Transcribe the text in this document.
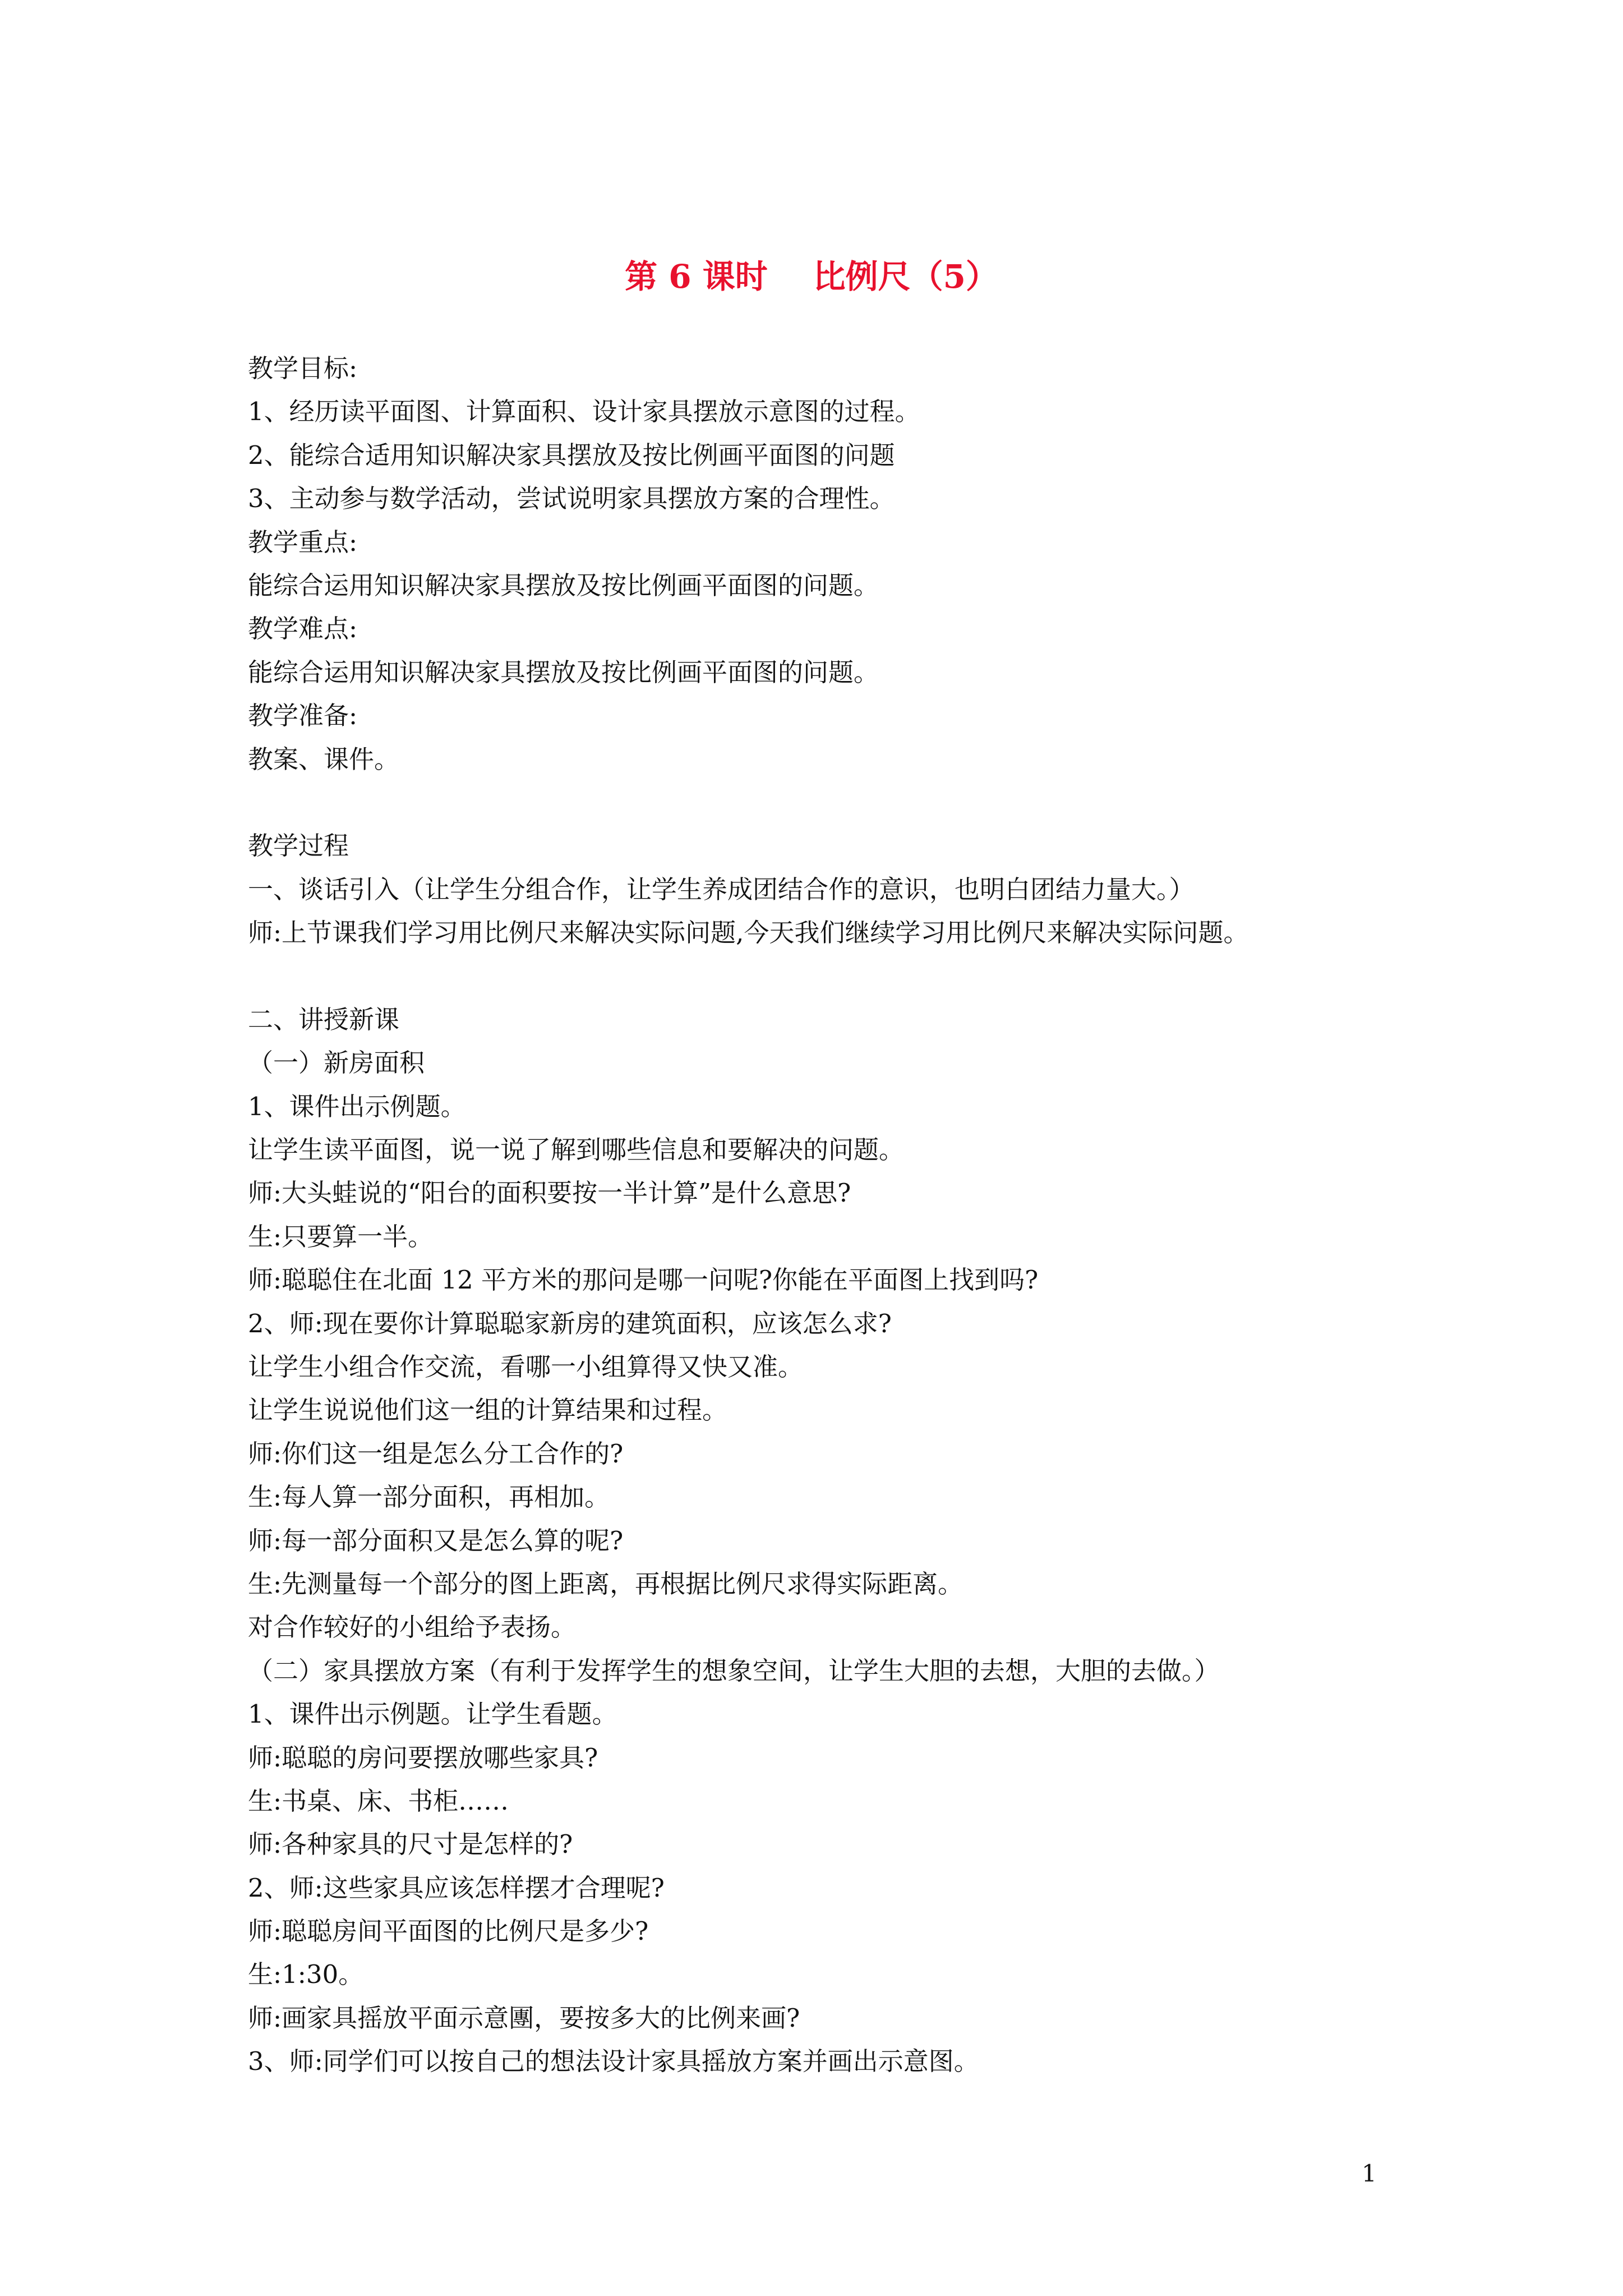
第 6 课时    比例尺（5）

教学目标:

1、经历读平面图、计算面积、设计家具摆放示意图的过程。

2、能综合适用知识解决家具摆放及按比例画平面图的问题

3、主动参与数学活动，尝试说明家具摆放方案的合理性。

教学重点:

能综合运用知识解决家具摆放及按比例画平面图的问题。

教学难点:

能综合运用知识解决家具摆放及按比例画平面图的问题。

教学准备:

教案、课件。

教学过程

一、谈话引入（让学生分组合作，让学生养成团结合作的意识，也明白团结力量大。）

师:上节课我们学习用比例尺来解决实际问题,今天我们继续学习用比例尺来解决实际问题。

二、讲授新课

（一）新房面积

1、课件出示例题。

让学生读平面图，说一说了解到哪些信息和要解决的问题。

师:大头蛙说的“阳台的面积要按一半计算”是什么意思?

生:只要算一半。

师:聪聪住在北面 12 平方米的那问是哪一问呢?你能在平面图上找到吗?

2、师:现在要你计算聪聪家新房的建筑面积，应该怎么求?

让学生小组合作交流，看哪一小组算得又快又准。

让学生说说他们这一组的计算结果和过程。

师:你们这一组是怎么分工合作的?

生:每人算一部分面积，再相加。

师:每一部分面积又是怎么算的呢?

生:先测量每一个部分的图上距离，再根据比例尺求得实际距离。

对合作较好的小组给予表扬。

（二）家具摆放方案（有利于发挥学生的想象空间，让学生大胆的去想，大胆的去做。）

1、课件出示例题。让学生看题。

师:聪聪的房问要摆放哪些家具?

生:书桌、床、书柜……

师:各种家具的尺寸是怎样的?

2、师:这些家具应该怎样摆才合理呢?

师:聪聪房间平面图的比例尺是多少?

生:1:30。

师:画家具摇放平面示意團，要按多大的比例来画?

3、师:同学们可以按自己的想法设计家具摇放方案并画出示意图。

1
